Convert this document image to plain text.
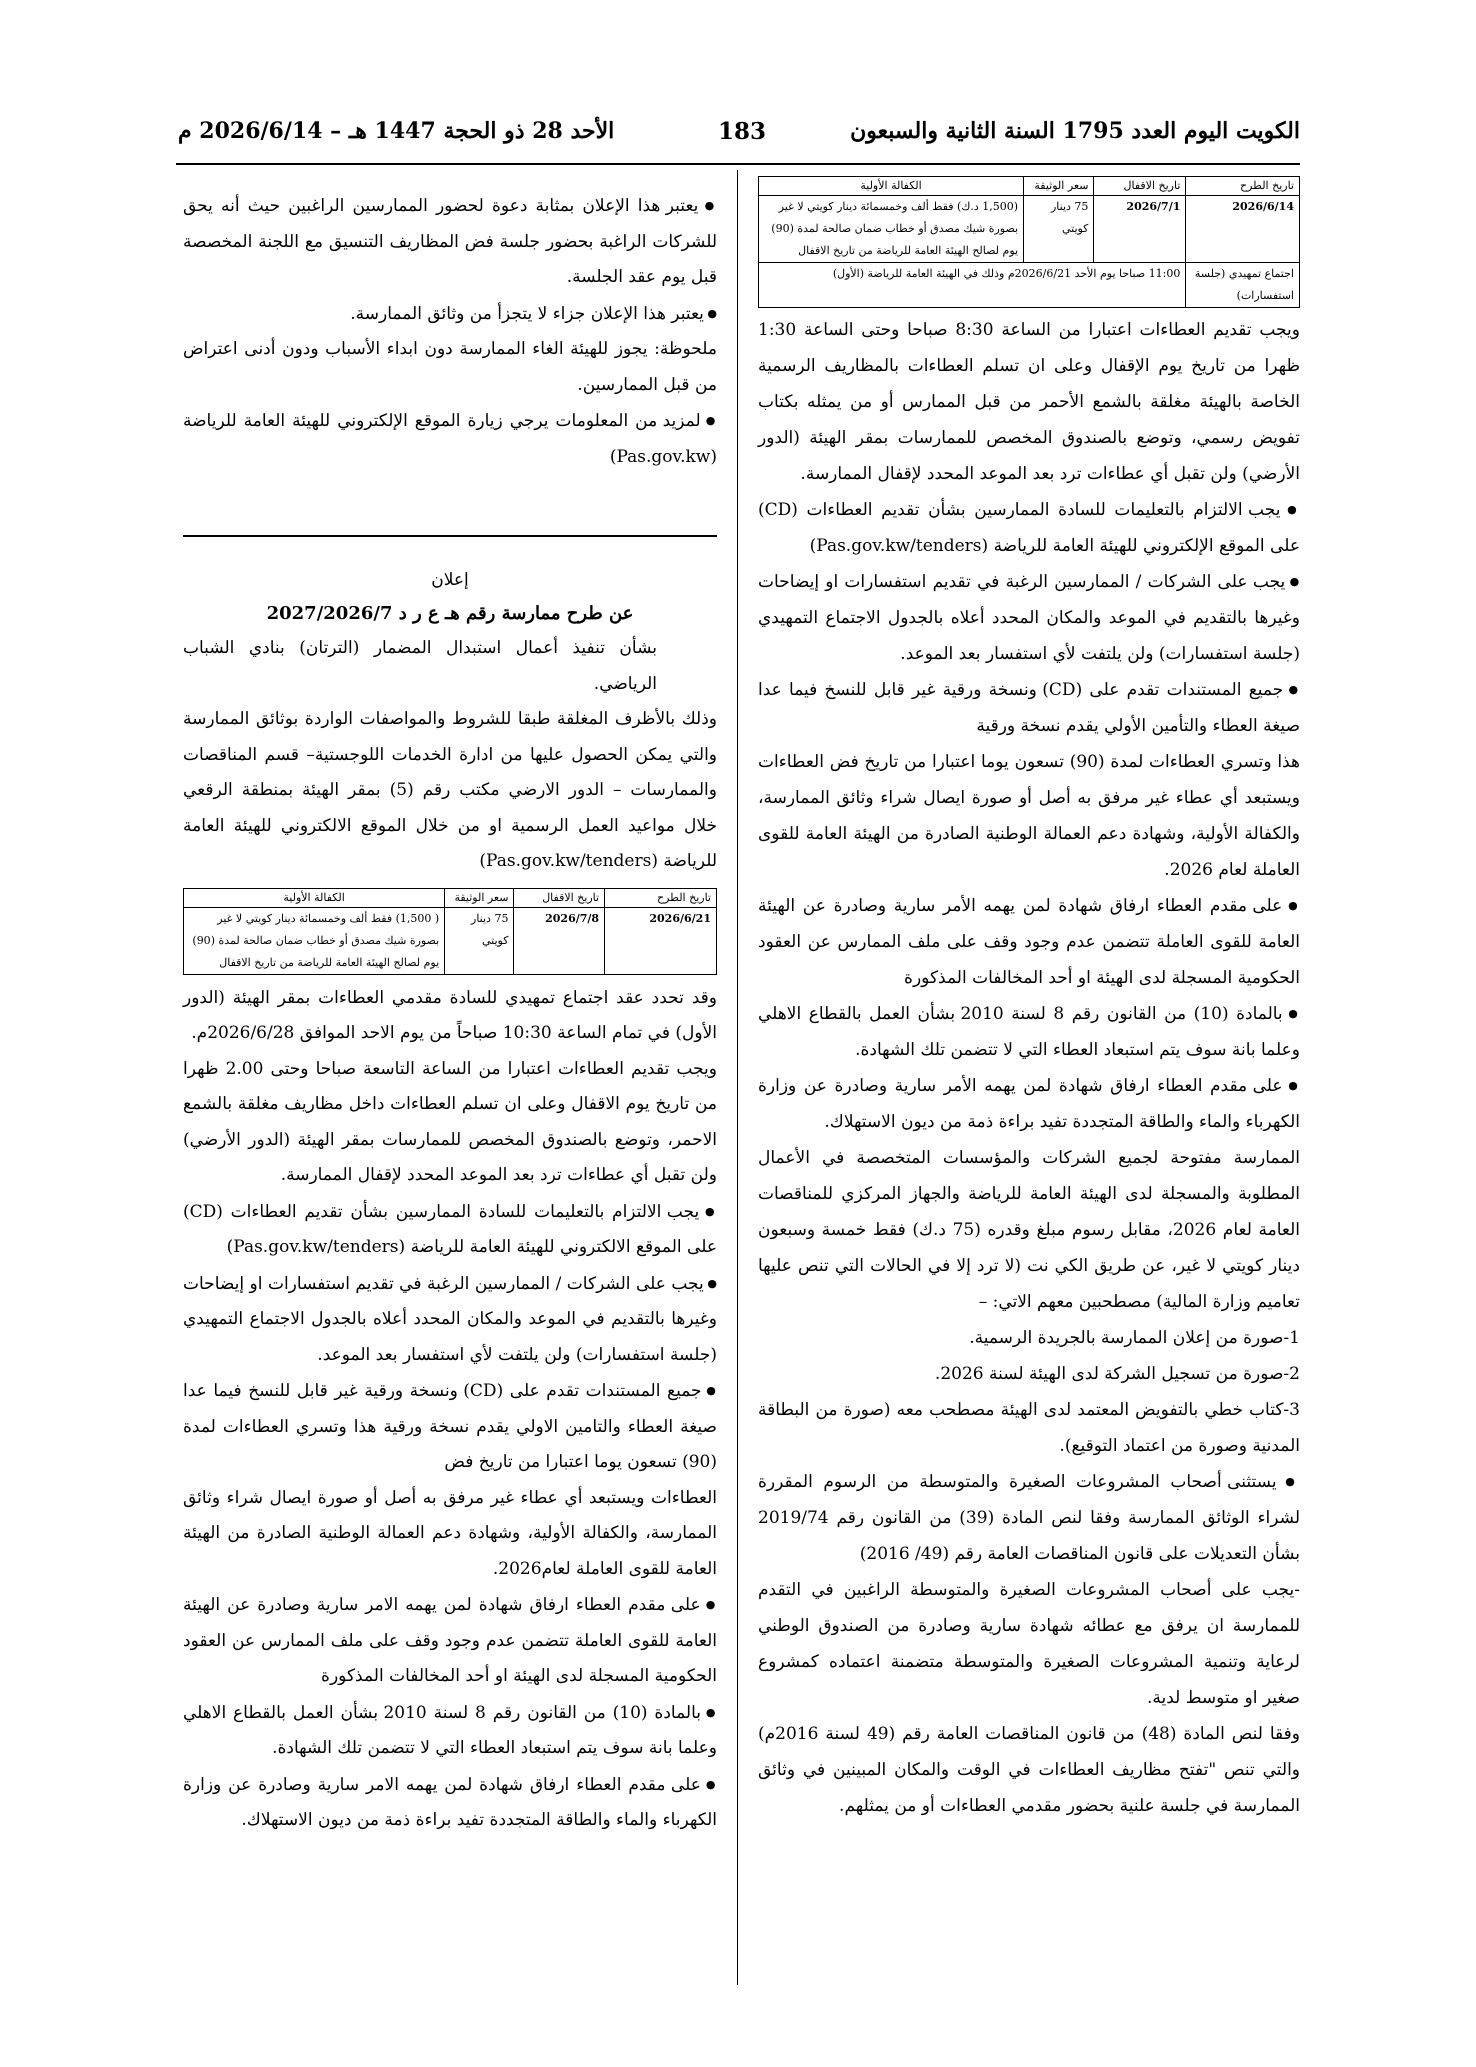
الكويت اليوم العدد 1795 السنة الثانية والسبعون
183
الأحد 28 ذو الحجة 1447 هـ – 2026/6/14 م
تاريخ الطرح	تاريخ الاقفال	سعر الوثيقة	الكفالة الأولية
2026/6/14	2026/7/1	75 دينار كويتي	(1,500 د.ك) فقط ألف وخمسمائة دينار كويتي لا غير بصورة شيك مصدق أو خطاب ضمان صالحة لمدة (90) يوم لصالح الهيئة العامة للرياضة من تاريخ الاقفال
اجتماع تمهيدي (جلسة استفسارات)	11:00 صباحا يوم الأحد 2026/6/21م وذلك في الهيئة العامة للرياضة (الأول)		

ويجب تقديم العطاءات اعتبارا من الساعة 8:30 صباحا وحتى الساعة 1:30 ظهرا من تاريخ يوم الإقفال وعلى ان تسلم العطاءات بالمظاريف الرسمية الخاصة بالهيئة مغلقة بالشمع الأحمر من قبل الممارس أو من يمثله بكتاب تفويض رسمي، وتوضع بالصندوق المخصص للممارسات بمقر الهيئة (الدور الأرضي) ولن تقبل أي عطاءات ترد بعد الموعد المحدد لإقفال الممارسة.

● يجب الالتزام بالتعليمات للسادة الممارسين بشأن تقديم العطاءات (CD) على الموقع الإلكتروني للهيئة العامة للرياضة (Pas.gov.kw/tenders)

● يجب على الشركات / الممارسين الرغبة في تقديم استفسارات او إيضاحات وغيرها بالتقديم في الموعد والمكان المحدد أعلاه بالجدول الاجتماع التمهيدي (جلسة استفسارات) ولن يلتفت لأي استفسار بعد الموعد.

● جميع المستندات تقدم على (CD) ونسخة ورقية غير قابل للنسخ فيما عدا صيغة العطاء والتأمين الأولي يقدم نسخة ورقية

هذا وتسري العطاءات لمدة (90) تسعون يوما اعتبارا من تاريخ فض العطاءات ويستبعد أي عطاء غير مرفق به أصل أو صورة ايصال شراء وثائق الممارسة، والكفالة الأولية، وشهادة دعم العمالة الوطنية الصادرة من الهيئة العامة للقوى العاملة لعام 2026.

● على مقدم العطاء ارفاق شهادة لمن يهمه الأمر سارية وصادرة عن الهيئة العامة للقوى العاملة تتضمن عدم وجود وقف على ملف الممارس عن العقود الحكومية المسجلة لدى الهيئة او أحد المخالفات المذكورة

● بالمادة (10) من القانون رقم 8 لسنة 2010 بشأن العمل بالقطاع الاهلي وعلما بانة سوف يتم استبعاد العطاء التي لا تتضمن تلك الشهادة.

● على مقدم العطاء ارفاق شهادة لمن يهمه الأمر سارية وصادرة عن وزارة الكهرباء والماء والطاقة المتجددة تفيد براءة ذمة من ديون الاستهلاك.

الممارسة مفتوحة لجميع الشركات والمؤسسات المتخصصة في الأعمال المطلوبة والمسجلة لدى الهيئة العامة للرياضة والجهاز المركزي للمناقصات العامة لعام 2026، مقابل رسوم مبلغ وقدره (75 د.ك) فقط خمسة وسبعون دينار كويتي لا غير، عن طريق الكي نت (لا ترد إلا في الحالات التي تنص عليها تعاميم وزارة المالية) مصطحبين معهم الاتي: –

1-صورة من إعلان الممارسة بالجريدة الرسمية.

2-صورة من تسجيل الشركة لدى الهيئة لسنة 2026.

3-كتاب خطي بالتفويض المعتمد لدى الهيئة مصطحب معه (صورة من البطاقة المدنية وصورة من اعتماد التوقيع).

● يستثنى أصحاب المشروعات الصغيرة والمتوسطة من الرسوم المقررة لشراء الوثائق الممارسة وفقا لنص المادة (39) من القانون رقم 2019/74 بشأن التعديلات على قانون المناقصات العامة رقم (49/ 2016)

-يجب على أصحاب المشروعات الصغيرة والمتوسطة الراغبين في التقدم للممارسة ان يرفق مع عطائه شهادة سارية وصادرة من الصندوق الوطني لرعاية وتنمية المشروعات الصغيرة والمتوسطة متضمنة اعتماده كمشروع صغير او متوسط لدية.

وفقا لنص المادة (48) من قانون المناقصات العامة رقم (49 لسنة 2016م) والتي تنص "تفتح مظاريف العطاءات في الوقت والمكان المبينين في وثائق الممارسة في جلسة علنية بحضور مقدمي العطاءات أو من يمثلهم.

● يعتبر هذا الإعلان بمثابة دعوة لحضور الممارسين الراغبين حيث أنه يحق للشركات الراغبة بحضور جلسة فض المظاريف التنسيق مع اللجنة المخصصة قبل يوم عقد الجلسة.

● يعتبر هذا الإعلان جزاء لا يتجزأ من وثائق الممارسة.

ملحوظة: يجوز للهيئة الغاء الممارسة دون ابداء الأسباب ودون أدنى اعتراض من قبل الممارسين.

● لمزيد من المعلومات يرجي زيارة الموقع الإلكتروني للهيئة العامة للرياضة (Pas.gov.kw)

إعلان

عن طرح ممارسة رقم هـ ع ر د 2027/2026/7

بشأن تنفيذ أعمال استبدال المضمار (الترتان) بنادي الشباب الرياضي.

وذلك بالأظرف المغلقة طبقا للشروط والمواصفات الواردة بوثائق الممارسة والتي يمكن الحصول عليها من ادارة الخدمات اللوجستية– قسم المناقصات والممارسات – الدور الارضي مكتب رقم (5) بمقر الهيئة بمنطقة الرقعي خلال مواعيد العمل الرسمية او من خلال الموقع الالكتروني للهيئة العامة للرياضة (Pas.gov.kw/tenders)

تاريخ الطرح	تاريخ الاقفال	سعر الوثيقة	الكفالة الأولية
2026/6/21	2026/7/8	75 دينار كويتي	( 1,500) فقط ألف وخمسمائة دينار كويتي لا غير بصورة شيك مصدق أو خطاب ضمان صالحة لمدة (90) يوم لصالح الهيئة العامة للرياضة من تاريخ الاقفال

وقد تحدد عقد اجتماع تمهيدي للسادة مقدمي العطاءات بمقر الهيئة (الدور الأول) في تمام الساعة 10:30 صباحاً من يوم الاحد الموافق 2026/6/28م.

ويجب تقديم العطاءات اعتبارا من الساعة التاسعة صباحا وحتى 2.00 ظهرا من تاريخ يوم الاقفال وعلى ان تسلم العطاءات داخل مظاريف مغلقة بالشمع الاحمر، وتوضع بالصندوق المخصص للممارسات بمقر الهيئة (الدور الأرضي) ولن تقبل أي عطاءات ترد بعد الموعد المحدد لإقفال الممارسة.

● يجب الالتزام بالتعليمات للسادة الممارسين بشأن تقديم العطاءات (CD) على الموقع الالكتروني للهيئة العامة للرياضة (Pas.gov.kw/tenders)

● يجب على الشركات / الممارسين الرغبة في تقديم استفسارات او إيضاحات وغيرها بالتقديم في الموعد والمكان المحدد أعلاه بالجدول الاجتماع التمهيدي (جلسة استفسارات) ولن يلتفت لأي استفسار بعد الموعد.

● جميع المستندات تقدم على (CD) ونسخة ورقية غير قابل للنسخ فيما عدا صيغة العطاء والتامين الاولي يقدم نسخة ورقية هذا وتسري العطاءات لمدة (90) تسعون يوما اعتبارا من تاريخ فض

العطاءات ويستبعد أي عطاء غير مرفق به أصل أو صورة ايصال شراء وثائق الممارسة، والكفالة الأولية، وشهادة دعم العمالة الوطنية الصادرة من الهيئة العامة للقوى العاملة لعام2026.

● على مقدم العطاء ارفاق شهادة لمن يهمه الامر سارية وصادرة عن الهيئة العامة للقوى العاملة تتضمن عدم وجود وقف على ملف الممارس عن العقود الحكومية المسجلة لدى الهيئة او أحد المخالفات المذكورة

● بالمادة (10) من القانون رقم 8 لسنة 2010 بشأن العمل بالقطاع الاهلي وعلما بانة سوف يتم استبعاد العطاء التي لا تتضمن تلك الشهادة.

● على مقدم العطاء ارفاق شهادة لمن يهمه الامر سارية وصادرة عن وزارة الكهرباء والماء والطاقة المتجددة تفيد براءة ذمة من ديون الاستهلاك.
